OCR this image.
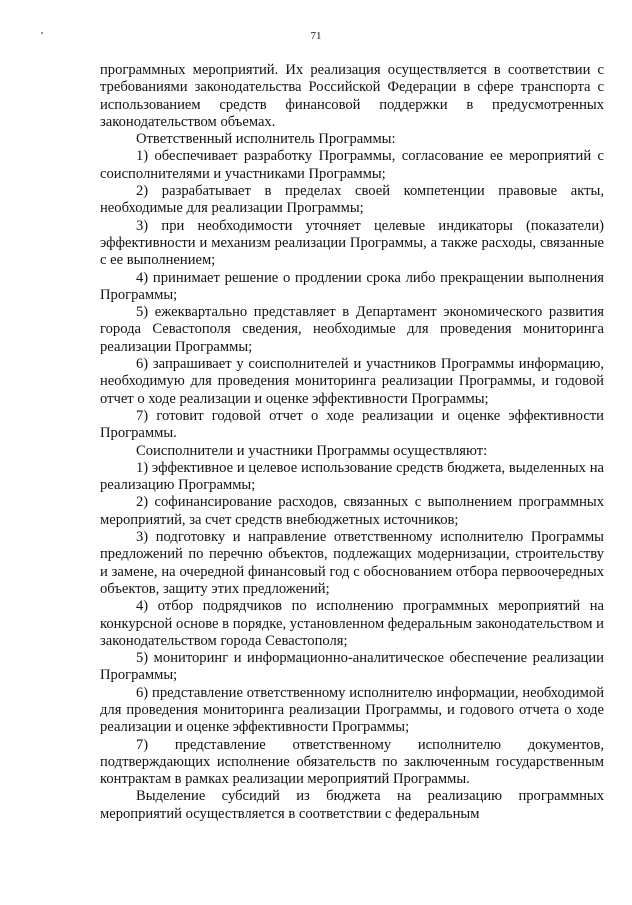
71

программных мероприятий. Их реализация осуществляется в соответствии с требованиями законодательства Российской Федерации в сфере транспорта с использованием средств финансовой поддержки в предусмотренных законодательством объемах.

Ответственный исполнитель Программы:

1) обеспечивает разработку Программы, согласование ее мероприятий с соисполнителями и участниками Программы;

2) разрабатывает в пределах своей компетенции правовые акты, необходимые для реализации Программы;

3) при необходимости уточняет целевые индикаторы (показатели) эффективности и механизм реализации Программы, а также расходы, связанные с ее выполнением;

4) принимает решение о продлении срока либо прекращении выполнения Программы;

5) ежеквартально представляет в Департамент экономического развития города Севастополя сведения, необходимые для проведения мониторинга реализации Программы;

6) запрашивает у соисполнителей и участников Программы информацию, необходимую для проведения мониторинга реализации Программы, и годовой отчет о ходе реализации и оценке эффективности Программы;

7) готовит годовой отчет о ходе реализации и оценке эффективности Программы.

Соисполнители и участники Программы осуществляют:

1) эффективное и целевое использование средств бюджета, выделенных на реализацию Программы;

2) софинансирование расходов, связанных с выполнением программных мероприятий, за счет средств внебюджетных источников;

3) подготовку и направление ответственному исполнителю Программы предложений по перечню объектов, подлежащих модернизации, строительству и замене, на очередной финансовый год с обоснованием отбора первоочередных объектов, защиту этих предложений;

4) отбор подрядчиков по исполнению программных мероприятий на конкурсной основе в порядке, установленном федеральным законодательством и законодательством города Севастополя;

5) мониторинг и информационно-аналитическое обеспечение реализации Программы;

6) представление ответственному исполнителю информации, необходимой для проведения мониторинга реализации Программы, и годового отчета о ходе реализации и оценке эффективности Программы;

7) представление ответственному исполнителю документов, подтверждающих исполнение обязательств по заключенным государственным контрактам в рамках реализации мероприятий Программы.

Выделение субсидий из бюджета на реализацию программных мероприятий осуществляется в соответствии с федеральным
